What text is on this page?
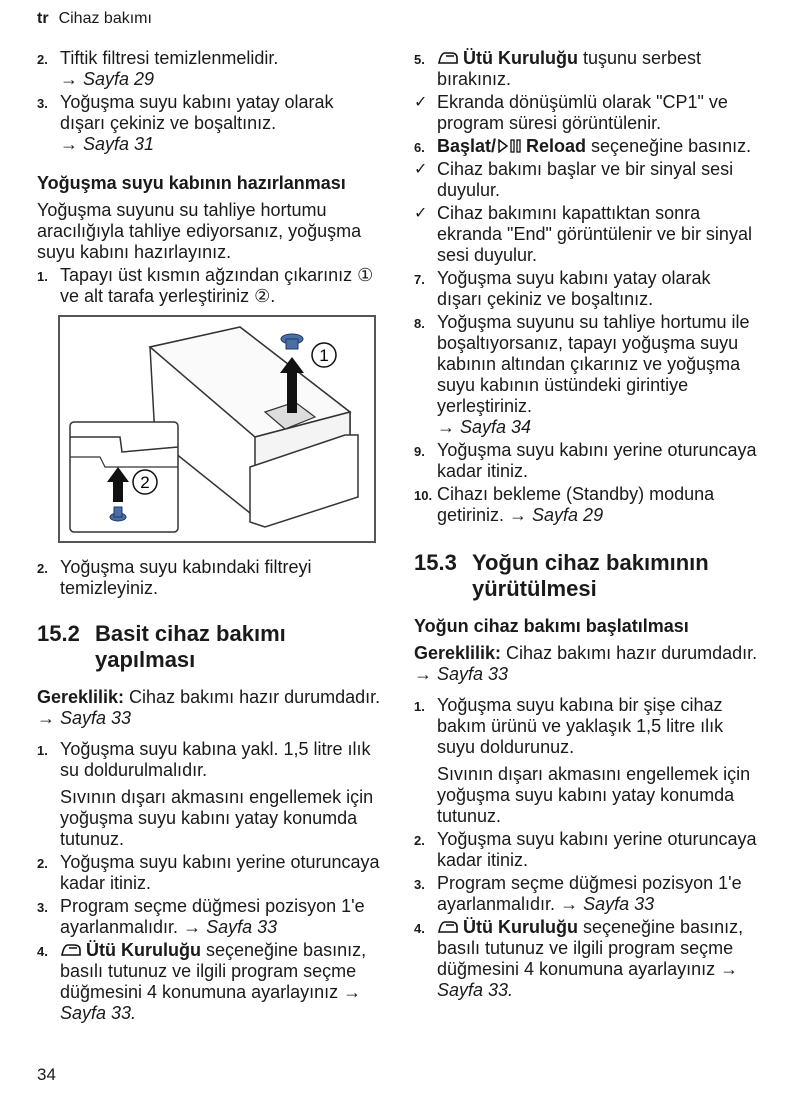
tr Cihaz bakımı
2. Tiftik filtresi temizlenmelidir.
→ Sayfa 29
3. Yoğuşma suyu kabını yatay olarak dışarı çekiniz ve boşaltınız.
→ Sayfa 31
Yoğuşma suyu kabının hazırlanması
Yoğuşma suyunu su tahliye hortumu aracılığıyla tahliye ediyorsanız, yoğuşma suyu kabını hazırlayınız.
1. Tapayı üst kısmın ağzından çıkarınız ① ve alt tarafa yerleştiriniz ②.
1
2
2. Yoğuşma suyu kabındaki filtreyi temizleyiniz.
15.2 Basit cihaz bakımı yapılması
Gereklilik: Cihaz bakımı hazır durumdadır. → Sayfa 33
1. Yoğuşma suyu kabına yakl. 1,5 litre ılık su doldurulmalıdır.
Sıvının dışarı akmasını engellemek için yoğuşma suyu kabını yatay konumda tutunuz.
2. Yoğuşma suyu kabını yerine oturuncaya kadar itiniz.
3. Program seçme düğmesi pozisyon 1'e ayarlanmalıdır. → Sayfa 33
4. Ütü Kuruluğu seçeneğine basınız, basılı tutunuz ve ilgili program seçme düğmesini 4 konumuna ayarlayınız → Sayfa 33.
5. Ütü Kuruluğu tuşunu serbest bırakınız.
✓ Ekranda dönüşümlü olarak "CP1" ve program süresi görüntülenir.
6. Başlat/ Reload seçeneğine basınız.
✓ Cihaz bakımı başlar ve bir sinyal sesi duyulur.
✓ Cihaz bakımını kapattıktan sonra ekranda "End" görüntülenir ve bir sinyal sesi duyulur.
7. Yoğuşma suyu kabını yatay olarak dışarı çekiniz ve boşaltınız.
8. Yoğuşma suyunu su tahliye hortumu ile boşaltıyorsanız, tapayı yoğuşma suyu kabının altından çıkarınız ve yoğuşma suyu kabının üstündeki girintiye yerleştiriniz.
→ Sayfa 34
9. Yoğuşma suyu kabını yerine oturuncaya kadar itiniz.
10. Cihazı bekleme (Standby) moduna getiriniz. → Sayfa 29
15.3 Yoğun cihaz bakımının yürütülmesi
Yoğun cihaz bakımı başlatılması
Gereklilik: Cihaz bakımı hazır durumdadır. → Sayfa 33
1. Yoğuşma suyu kabına bir şişe cihaz bakım ürünü ve yaklaşık 1,5 litre ılık suyu doldurunuz.
Sıvının dışarı akmasını engellemek için yoğuşma suyu kabını yatay konumda tutunuz.
2. Yoğuşma suyu kabını yerine oturuncaya kadar itiniz.
3. Program seçme düğmesi pozisyon 1'e ayarlanmalıdır. → Sayfa 33
4. Ütü Kuruluğu seçeneğine basınız, basılı tutunuz ve ilgili program seçme düğmesini 4 konumuna ayarlayınız → Sayfa 33.
34
